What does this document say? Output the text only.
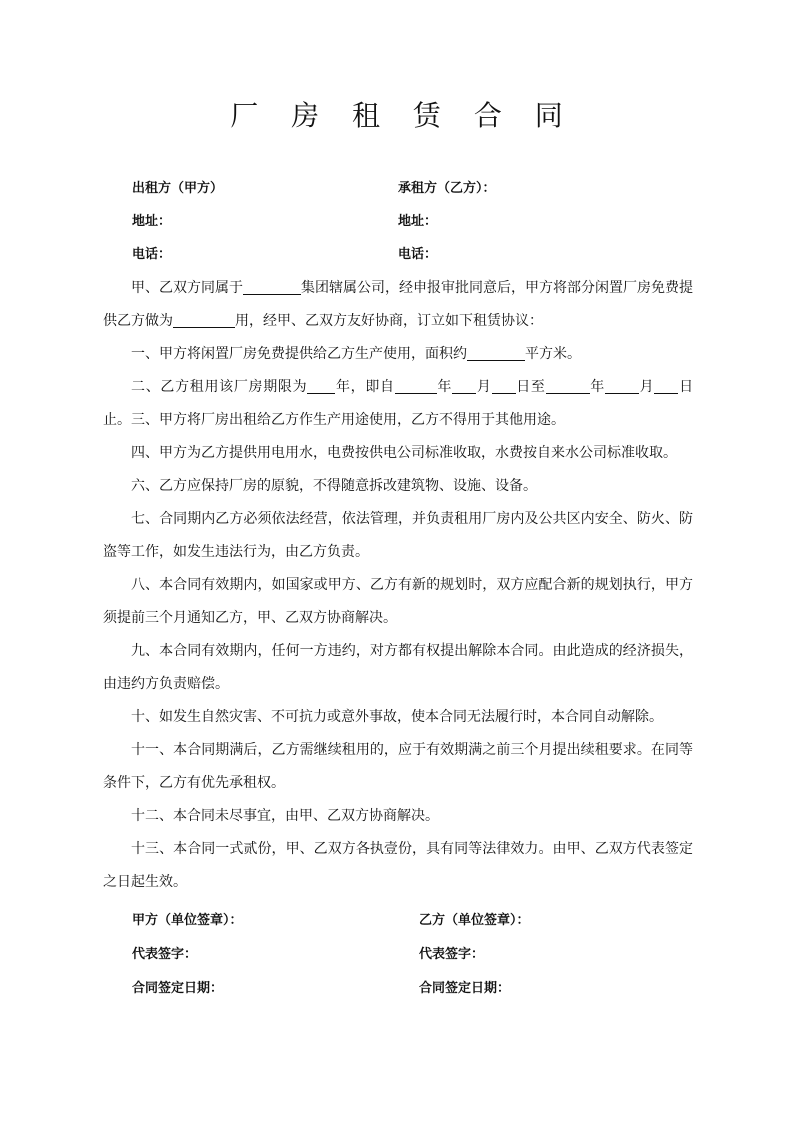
厂 房 租 赁 合 同
出租方（甲方）	承租方（乙方）：
地址：	地址：
电话：	电话：

甲、乙双方同属于	集团辖属公司，经申报审批同意后，甲方将部分闲置厂房免费提供乙方做为	用，经甲、乙双方友好协商，订立如下租赁协议：

一、甲方将闲置厂房免费提供给乙方生产使用，面积约	平方米。

二、乙方租用该厂房期限为 年，即自	年 月 日至	年 月 日止。 三、甲方将厂房出租给乙方作生产用途使用，乙方不得用于其他用途。

四、甲方为乙方提供用电用水，电费按供电公司标准收取，水费按自来水公司标准收取。

六、乙方应保持厂房的原貌，不得随意拆改建筑物、设施、设备。

七、合同期内乙方必须依法经营，依法管理，并负责租用厂房内及公共区内安全、防火、防盗等工作，如发生违法行为，由乙方负责。

八、本合同有效期内，如国家或甲方、乙方有新的规划时，双方应配合新的规划执行，甲方须提前三个月通知乙方，甲、乙双方协商解决。

九、本合同有效期内，任何一方违约，对方都有权提出解除本合同。由此造成的经济损失，由违约方负责赔偿。

十、如发生自然灾害、不可抗力或意外事故，使本合同无法履行时，本合同自动解除。

十一、本合同期满后，乙方需继续租用的，应于有效期满之前三个月提出续租要求。在同等条件下，乙方有优先承租权。

十二、本合同未尽事宜，由甲、乙双方协商解决。

十三、本合同一式贰份，甲、乙双方各执壹份，具有同等法律效力。由甲、乙双方代表签定之日起生效。

甲方（单位签章）：	乙方（单位签章）：
代表签字：	代表签字：
合同签定日期：	合同签定日期：
